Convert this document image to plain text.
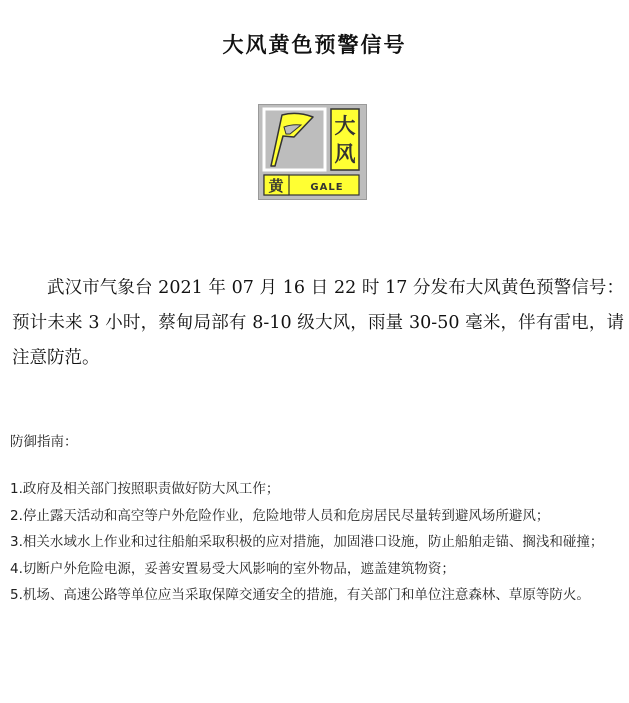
大风黄色预警信号
大
风
黄	GALE

武汉市气象台 2021 年 07 月 16 日 22 时 17 分发布大风黄色预警信号：预计未来 3 小时，蔡甸局部有 8-10 级大风，雨量 30-50 毫米，伴有雷电，请注意防范。

防御指南：
1.政府及相关部门按照职责做好防大风工作；
2.停止露天活动和高空等户外危险作业，危险地带人员和危房居民尽量转到避风场所避风；
3.相关水域水上作业和过往船舶采取积极的应对措施，加固港口设施，防止船舶走锚、搁浅和碰撞；
4.切断户外危险电源，妥善安置易受大风影响的室外物品，遮盖建筑物资；
5.机场、高速公路等单位应当采取保障交通安全的措施，有关部门和单位注意森林、草原等防火。
